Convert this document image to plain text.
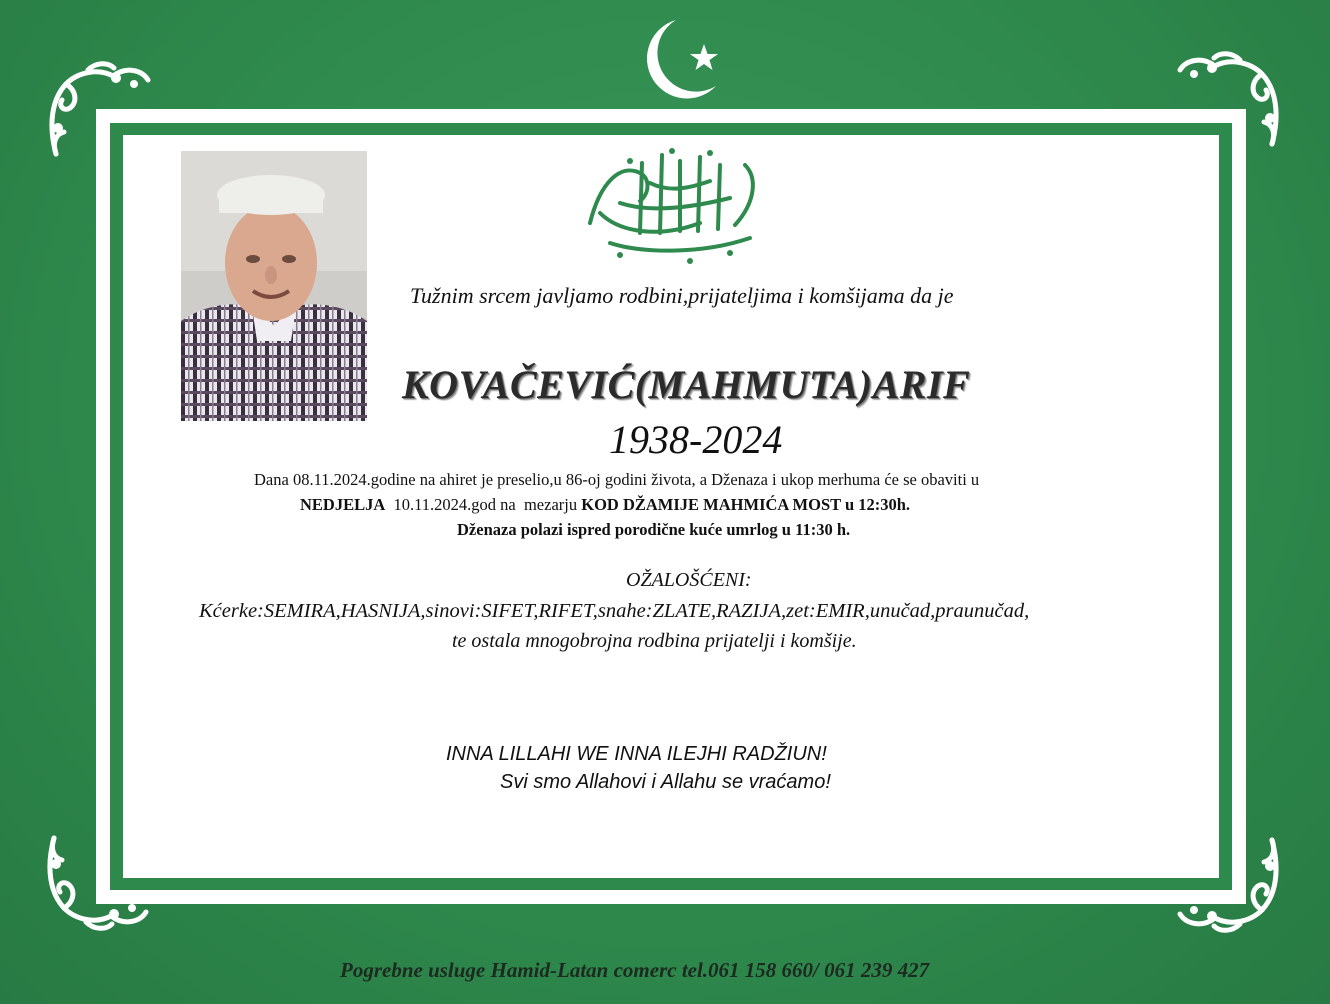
Tužnim srcem javljamo rodbini,prijateljima i komšijama da je
KOVAČEVIĆ(MAHMUTA)ARIF
1938-2024
Dana 08.11.2024.godine na ahiret je preselio,u 86-oj godini života, a Dženaza i ukop merhuma će se obaviti u
NEDJELJA  10.11.2024.god na  mezarju KOD DŽAMIJE MAHMIĆA MOST u 12:30h.
Dženaza polazi ispred porodične kuće umrlog u 11:30 h.
OŽALOŠĆENI:
Kćerke:SEMIRA,HASNIJA,sinovi:SIFET,RIFET,snahe:ZLATE,RAZIJA,zet:EMIR,unučad,praunučad,
te ostala mnogobrojna rodbina prijatelji i komšije.
INNA LILLAHI WE INNA ILEJHI RADŽIUN!
Svi smo Allahovi i Allahu se vraćamo!
Pogrebne usluge Hamid-Latan comerc tel.061 158 660/ 061 239 427
